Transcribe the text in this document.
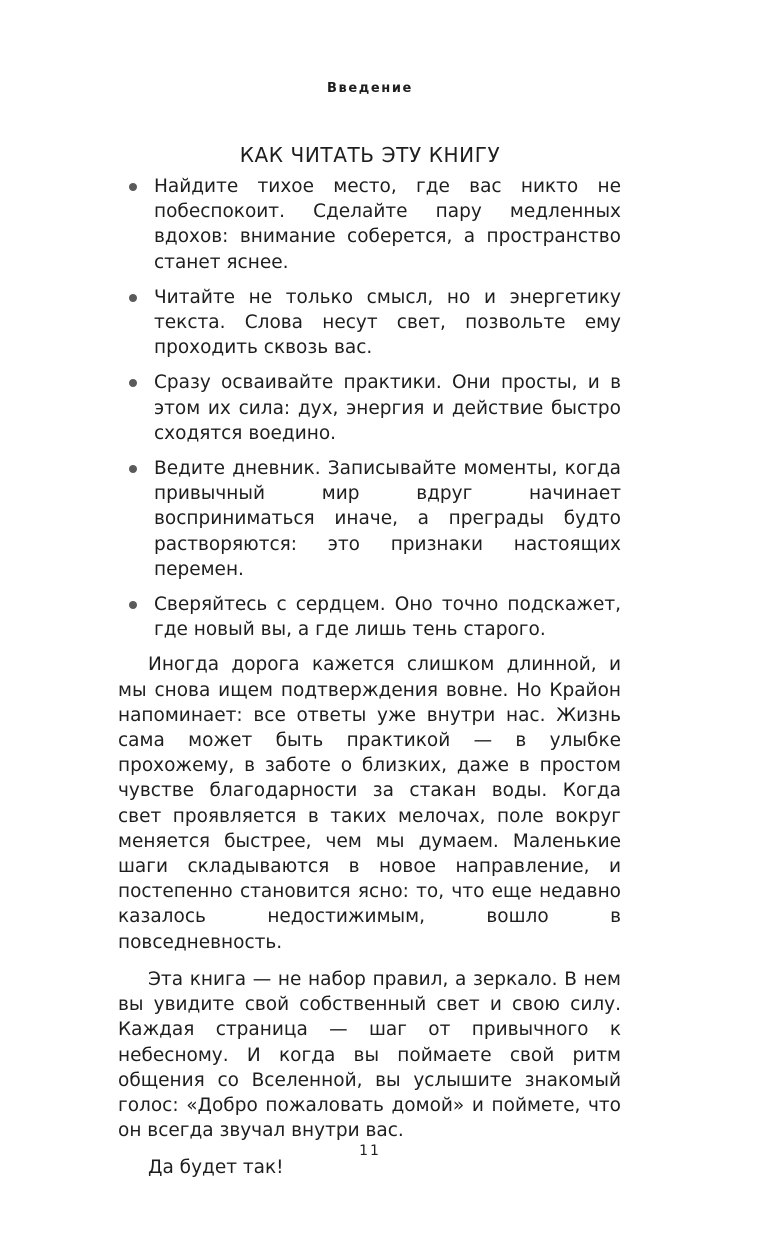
Введение
КАК ЧИТАТЬ ЭТУ КНИГУ
Найдите тихое место, где вас никто не побеспокоит. Сделайте пару медленных вдохов: внимание соберется, а пространство станет яснее.
Читайте не только смысл, но и энергетику текста. Слова несут свет, позвольте ему проходить сквозь вас.
Сразу осваивайте практики. Они просты, и в этом их сила: дух, энергия и действие быстро сходятся воедино.
Ведите дневник. Записывайте моменты, когда привычный мир вдруг начинает восприниматься иначе, а преграды будто растворяются: это признаки настоящих перемен.
Сверяйтесь с сердцем. Оно точно подскажет, где новый вы, а где лишь тень старого.

Иногда дорога кажется слишком длинной, и мы снова ищем подтверждения вовне. Но Крайон напоминает: все ответы уже внутри нас. Жизнь сама может быть практикой — в улыбке прохожему, в заботе о близких, даже в простом чувстве благодарности за стакан воды. Когда свет проявляется в таких мелочах, поле вокруг меняется быстрее, чем мы думаем. Маленькие шаги складываются в новое направление, и постепенно становится ясно: то, что еще недавно казалось недостижимым, вошло в повседневность.

Эта книга — не набор правил, а зеркало. В нем вы увидите свой собственный свет и свою силу. Каждая страница — шаг от привычного к небесному. И когда вы поймаете свой ритм общения со Вселенной, вы услышите знакомый голос: «Добро пожаловать домой» и поймете, что он всегда звучал внутри вас.

Да будет так!

11
